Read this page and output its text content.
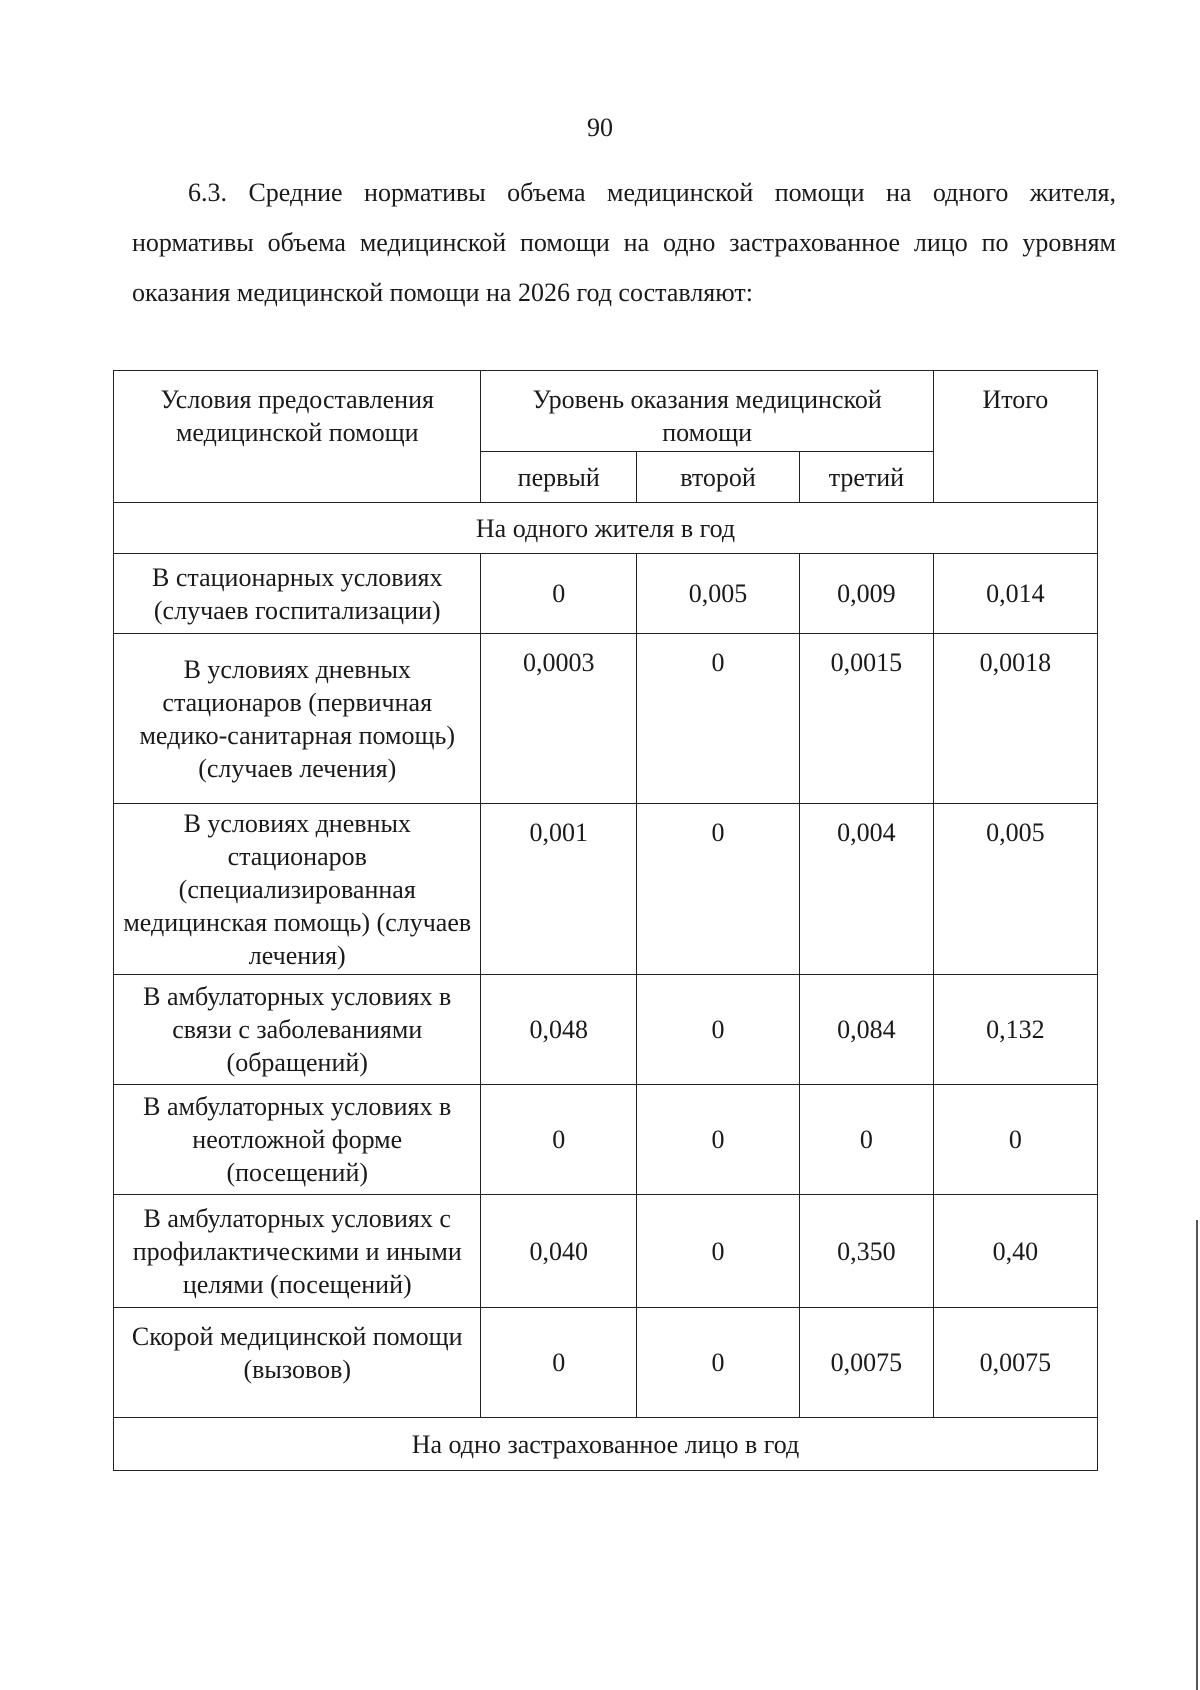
90
6.3. Средние нормативы объема медицинской помощи на одного жителя, нормативы объема медицинской помощи на одно застрахованное лицо по уровням оказания медицинской помощи на 2026 год составляют:
Условия предоставления медицинской помощи	Уровень оказания медицинской помощи			Итого
	первый	второй	третий	
На одного жителя в год				
В стационарных условиях (случаев госпитализации)	0	0,005	0,009	0,014
В условиях дневных стационаров (первичная медико-санитарная помощь) (случаев лечения)	0,0003	0	0,0015	0,0018
В условиях дневных стационаров (специализированная медицинская помощь) (случаев лечения)	0,001	0	0,004	0,005
В амбулаторных условиях в связи с заболеваниями (обращений)	0,048	0	0,084	0,132
В амбулаторных условиях в неотложной форме (посещений)	0	0	0	0
В амбулаторных условиях с профилактическими и иными целями (посещений)	0,040	0	0,350	0,40
Скорой медицинской помощи (вызовов)	0	0	0,0075	0,0075
На одно застрахованное лицо в год				
